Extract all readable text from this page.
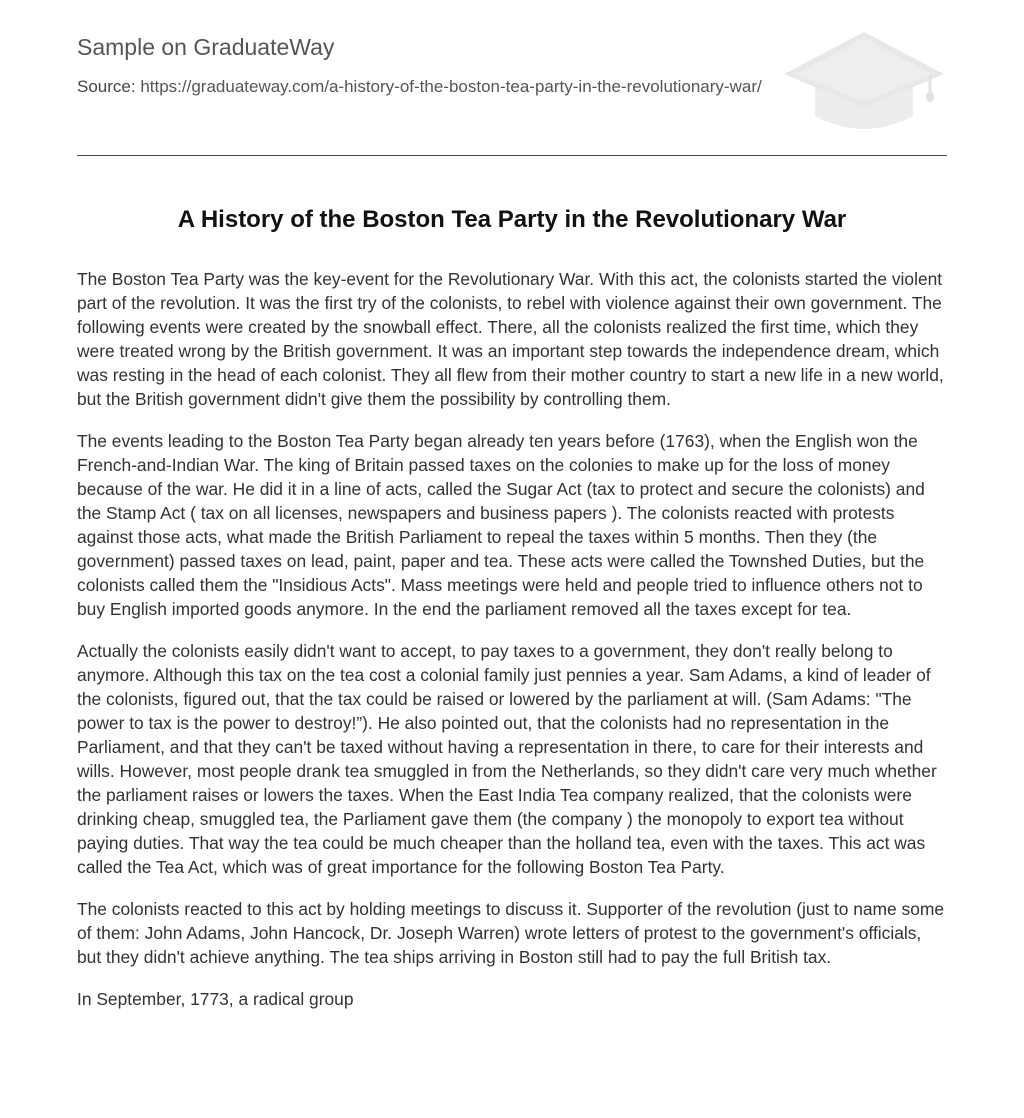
Sample on GraduateWay
Source: https://graduateway.com/a-history-of-the-boston-tea-party-in-the-revolutionary-war/
A History of the Boston Tea Party in the Revolutionary War

The Boston Tea Party was the key-event for the Revolutionary War. With this act, the colonists started the violent part of the revolution. It was the first try of the colonists, to rebel with violence against their own government. The following events were created by the snowball effect. There, all the colonists realized the first time, which they were treated wrong by the British government. It was an important step towards the independence dream, which was resting in the head of each colonist. They all flew from their mother country to start a new life in a new world, but the British government didn't give them the possibility by controlling them.

The events leading to the Boston Tea Party began already ten years before (1763), when the English won the French-and-Indian War. The king of Britain passed taxes on the colonies to make up for the loss of money because of the war. He did it in a line of acts, called the Sugar Act (tax to protect and secure the colonists) and the Stamp Act ( tax on all licenses, newspapers and business papers ). The colonists reacted with protests against those acts, what made the British Parliament to repeal the taxes within 5 months. Then they (the government) passed taxes on lead, paint, paper and tea. These acts were called the Townshed Duties, but the colonists called them the "Insidious Acts". Mass meetings were held and people tried to influence others not to buy English imported goods anymore. In the end the parliament removed all the taxes except for tea.

Actually the colonists easily didn't want to accept, to pay taxes to a government, they don't really belong to anymore. Although this tax on the tea cost a colonial family just pennies a year. Sam Adams, a kind of leader of the colonists, figured out, that the tax could be raised or lowered by the parliament at will. (Sam Adams: "The power to tax is the power to destroy!”). He also pointed out, that the colonists had no representation in the Parliament, and that they can't be taxed without having a representation in there, to care for their interests and wills. However, most people drank tea smuggled in from the Netherlands, so they didn't care very much whether the parliament raises or lowers the taxes. When the East India Tea company realized, that the colonists were drinking cheap, smuggled tea, the Parliament gave them (the company ) the monopoly to export tea without paying duties. That way the tea could be much cheaper than the holland tea, even with the taxes. This act was called the Tea Act, which was of great importance for the following Boston Tea Party.

The colonists reacted to this act by holding meetings to discuss it. Supporter of the revolution (just to name some of them: John Adams, John Hancock, Dr. Joseph Warren) wrote letters of protest to the government's officials, but they didn't achieve anything. The tea ships arriving in Boston still had to pay the full British tax.

In September, 1773, a radical group
